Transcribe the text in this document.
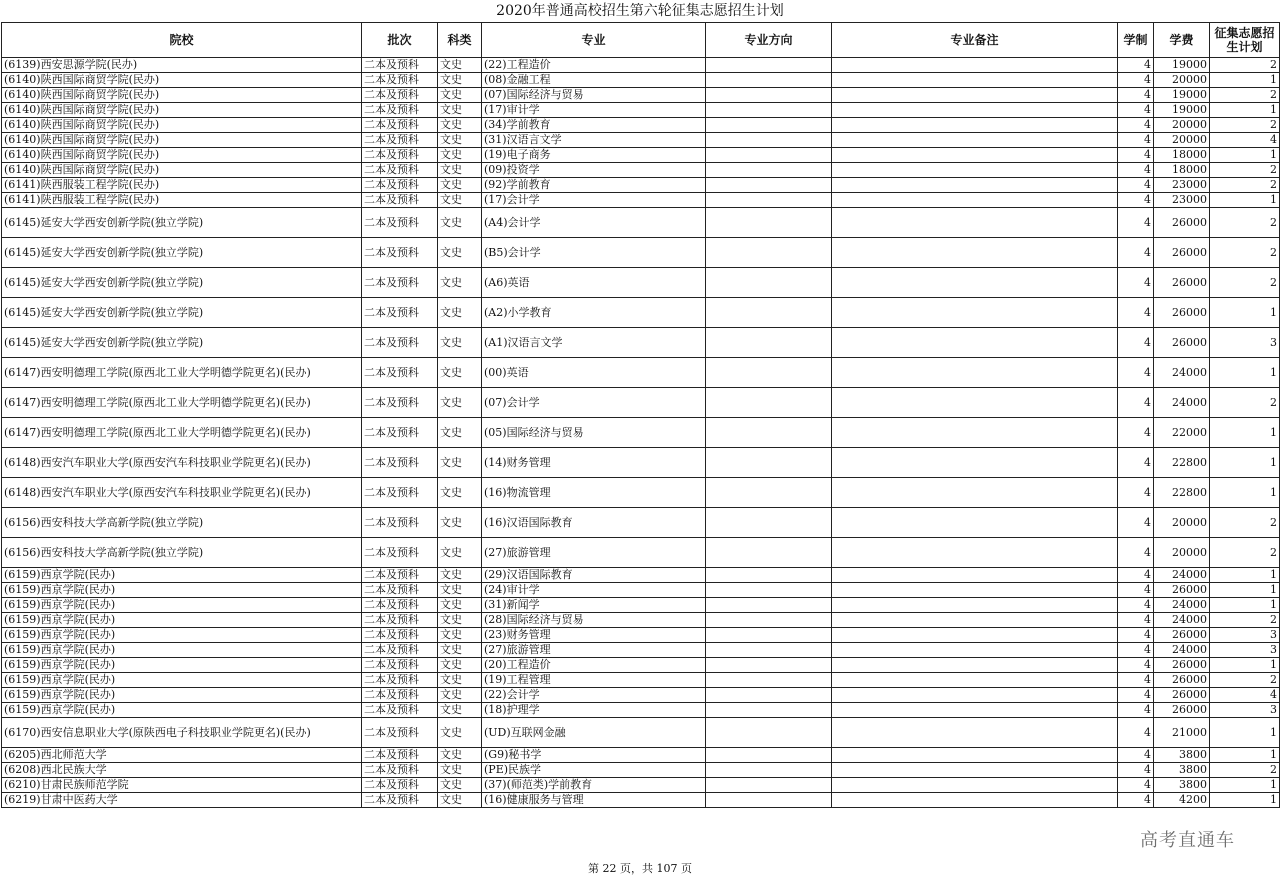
2020年普通高校招生第六轮征集志愿招生计划
院校	批次	科类	专业	专业方向	专业备注	学制	学费	征集志愿招生计划
(6139)西安思源学院(民办)	二本及预科	文史	(22)工程造价			4	19000	2
(6140)陕西国际商贸学院(民办)	二本及预科	文史	(08)金融工程			4	20000	1
(6140)陕西国际商贸学院(民办)	二本及预科	文史	(07)国际经济与贸易			4	19000	2
(6140)陕西国际商贸学院(民办)	二本及预科	文史	(17)审计学			4	19000	1
(6140)陕西国际商贸学院(民办)	二本及预科	文史	(34)学前教育			4	20000	2
(6140)陕西国际商贸学院(民办)	二本及预科	文史	(31)汉语言文学			4	20000	4
(6140)陕西国际商贸学院(民办)	二本及预科	文史	(19)电子商务			4	18000	1
(6140)陕西国际商贸学院(民办)	二本及预科	文史	(09)投资学			4	18000	2
(6141)陕西服装工程学院(民办)	二本及预科	文史	(92)学前教育			4	23000	2
(6141)陕西服装工程学院(民办)	二本及预科	文史	(17)会计学			4	23000	1
(6145)延安大学西安创新学院(独立学院)	二本及预科	文史	(A4)会计学			4	26000	2
(6145)延安大学西安创新学院(独立学院)	二本及预科	文史	(B5)会计学			4	26000	2
(6145)延安大学西安创新学院(独立学院)	二本及预科	文史	(A6)英语			4	26000	2
(6145)延安大学西安创新学院(独立学院)	二本及预科	文史	(A2)小学教育			4	26000	1
(6145)延安大学西安创新学院(独立学院)	二本及预科	文史	(A1)汉语言文学			4	26000	3
(6147)西安明德理工学院(原西北工业大学明德学院更名)(民办)	二本及预科	文史	(00)英语			4	24000	1
(6147)西安明德理工学院(原西北工业大学明德学院更名)(民办)	二本及预科	文史	(07)会计学			4	24000	2
(6147)西安明德理工学院(原西北工业大学明德学院更名)(民办)	二本及预科	文史	(05)国际经济与贸易			4	22000	1
(6148)西安汽车职业大学(原西安汽车科技职业学院更名)(民办)	二本及预科	文史	(14)财务管理			4	22800	1
(6148)西安汽车职业大学(原西安汽车科技职业学院更名)(民办)	二本及预科	文史	(16)物流管理			4	22800	1
(6156)西安科技大学高新学院(独立学院)	二本及预科	文史	(16)汉语国际教育			4	20000	2
(6156)西安科技大学高新学院(独立学院)	二本及预科	文史	(27)旅游管理			4	20000	2
(6159)西京学院(民办)	二本及预科	文史	(29)汉语国际教育			4	24000	1
(6159)西京学院(民办)	二本及预科	文史	(24)审计学			4	26000	1
(6159)西京学院(民办)	二本及预科	文史	(31)新闻学			4	24000	1
(6159)西京学院(民办)	二本及预科	文史	(28)国际经济与贸易			4	24000	2
(6159)西京学院(民办)	二本及预科	文史	(23)财务管理			4	26000	3
(6159)西京学院(民办)	二本及预科	文史	(27)旅游管理			4	24000	3
(6159)西京学院(民办)	二本及预科	文史	(20)工程造价			4	26000	1
(6159)西京学院(民办)	二本及预科	文史	(19)工程管理			4	26000	2
(6159)西京学院(民办)	二本及预科	文史	(22)会计学			4	26000	4
(6159)西京学院(民办)	二本及预科	文史	(18)护理学			4	26000	3
(6170)西安信息职业大学(原陕西电子科技职业学院更名)(民办)	二本及预科	文史	(UD)互联网金融			4	21000	1
(6205)西北师范大学	二本及预科	文史	(G9)秘书学			4	3800	1
(6208)西北民族大学	二本及预科	文史	(PE)民族学			4	3800	2
(6210)甘肃民族师范学院	二本及预科	文史	(37)(师范类)学前教育			4	3800	1
(6219)甘肃中医药大学	二本及预科	文史	(16)健康服务与管理			4	4200	1
第 22 页，共 107 页
高考直通车
